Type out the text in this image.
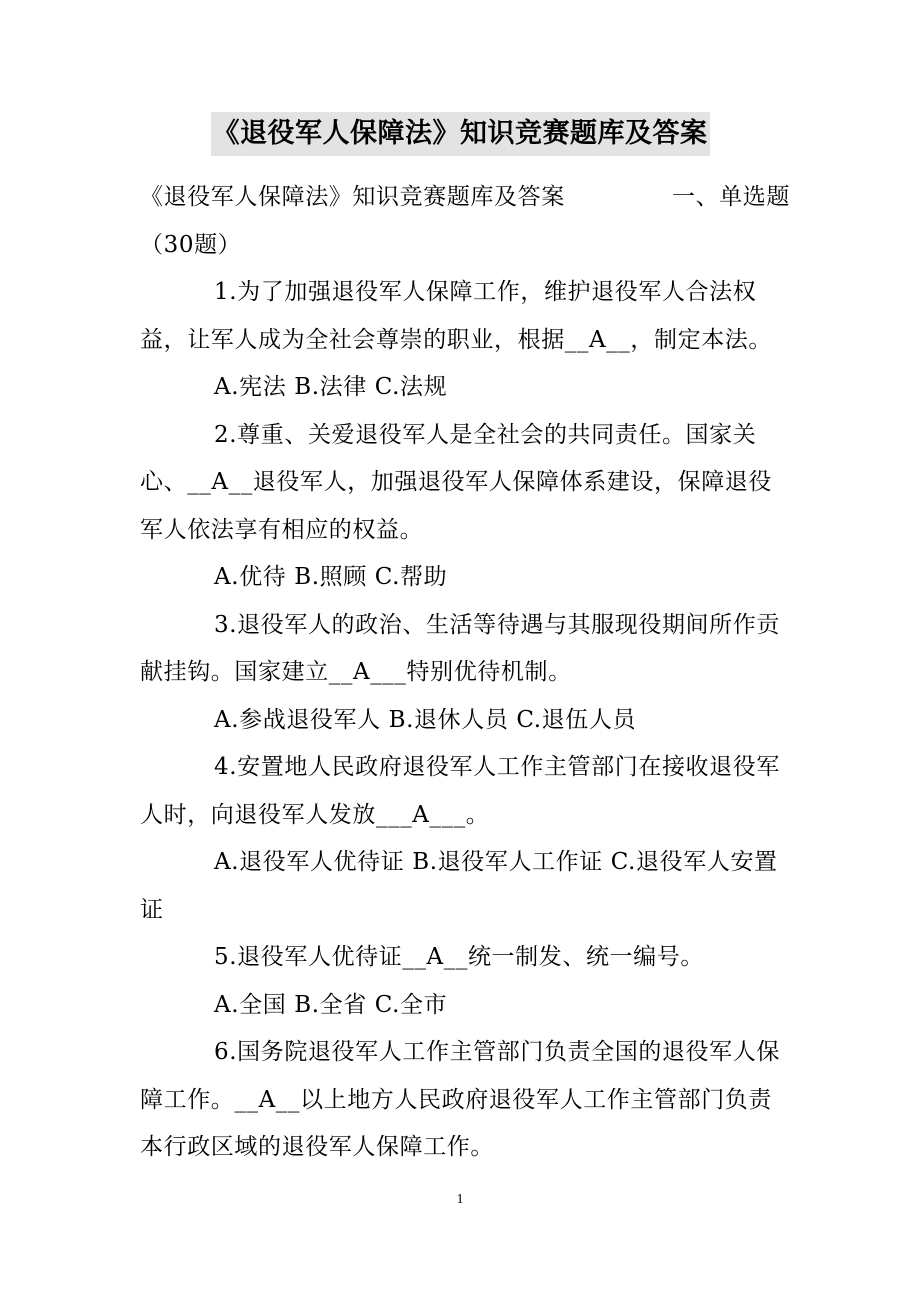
《退役军人保障法》知识竞赛题库及答案

《退役军人保障法》知识竞赛题库及答案	一、单选题

（30题）

1.为了加强退役军人保障工作，维护退役军人合法权益，让军人成为全社会尊崇的职业，根据__A__，制定本法。

A.宪法 B.法律 C.法规

2.尊重、关爱退役军人是全社会的共同责任。国家关心、__A__退役军人，加强退役军人保障体系建设，保障退役军人依法享有相应的权益。

A.优待 B.照顾 C.帮助

3.退役军人的政治、生活等待遇与其服现役期间所作贡献挂钩。国家建立__A___特别优待机制。

A.参战退役军人 B.退休人员 C.退伍人员

4.安置地人民政府退役军人工作主管部门在接收退役军人时，向退役军人发放___A___。

A.退役军人优待证 B.退役军人工作证 C.退役军人安置证

5.退役军人优待证__A__统一制发、统一编号。

A.全国 B.全省 C.全市

6.国务院退役军人工作主管部门负责全国的退役军人保障工作。__A__以上地方人民政府退役军人工作主管部门负责本行政区域的退役军人保障工作。

1
